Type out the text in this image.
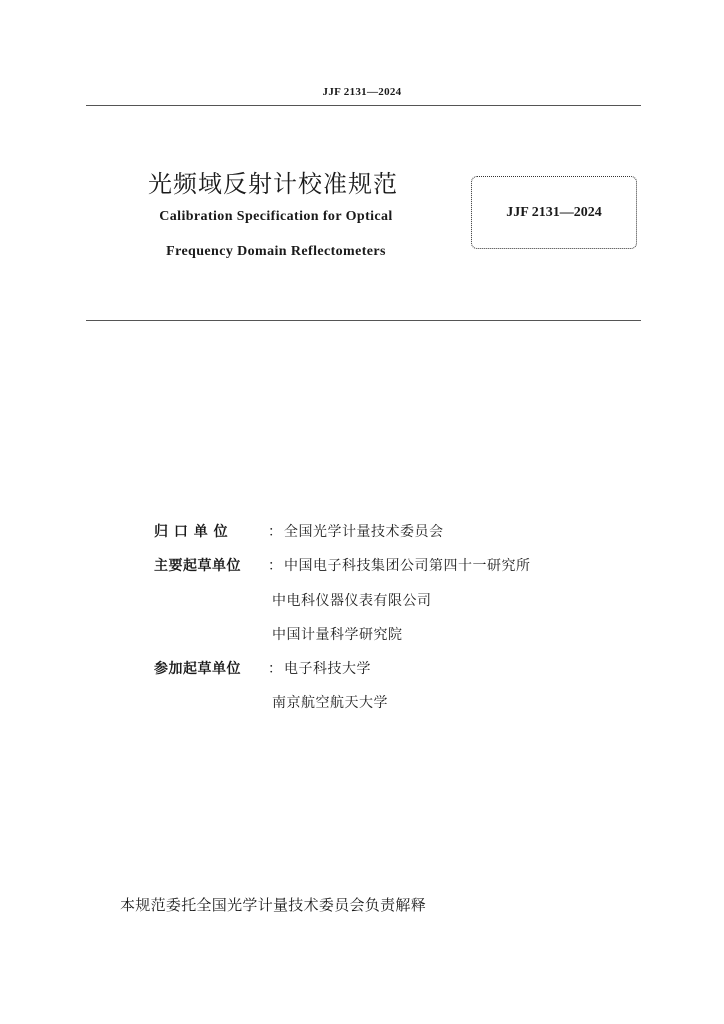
JJF 2131—2024
光频域反射计校准规范
Calibration Specification for Optical
Frequency Domain Reflectometers
JJF 2131—2024
归 口 单 位	： 全国光学计量技术委员会
主要起草单位 ： 中国电子科技集团公司第四十一研究所
中电科仪器仪表有限公司
中国计量科学研究院
参加起草单位 ： 电子科技大学
南京航空航天大学
本规范委托全国光学计量技术委员会负责解释
